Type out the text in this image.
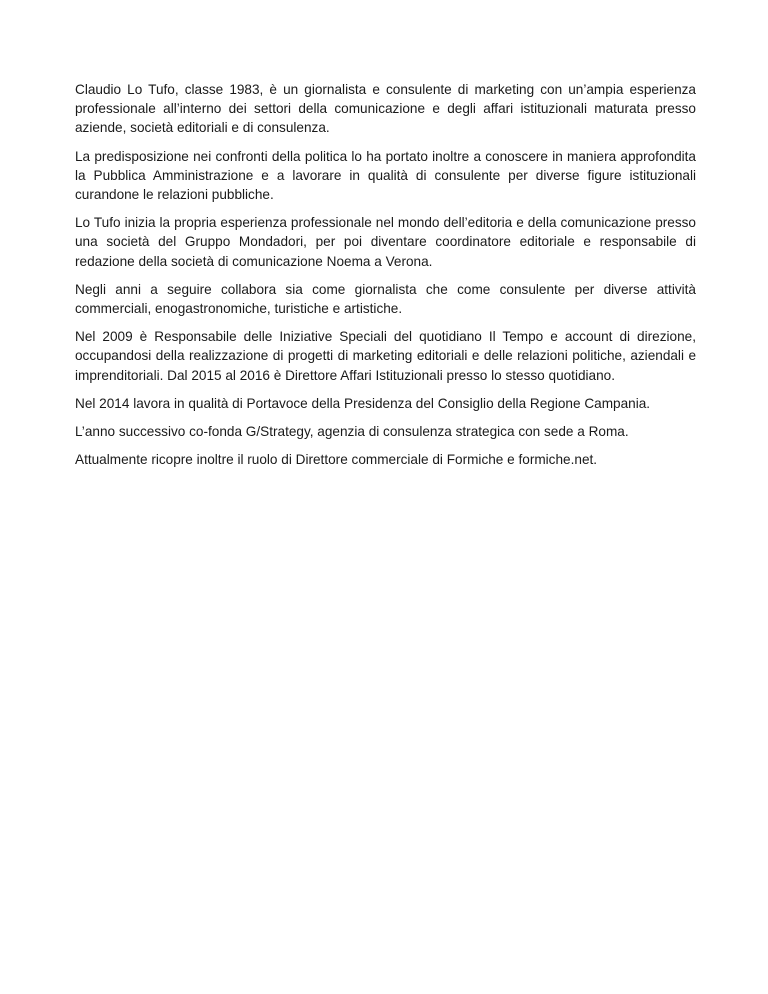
Claudio Lo Tufo, classe 1983, è un giornalista e consulente di marketing con un’ampia esperienza professionale all’interno dei settori della comunicazione e degli affari istituzionali maturata presso aziende, società editoriali e di consulenza.

La predisposizione nei confronti della politica lo ha portato inoltre a conoscere in maniera approfondita la Pubblica Amministrazione e a lavorare in qualità di consulente per diverse figure istituzionali curandone le relazioni pubbliche.

Lo Tufo inizia la propria esperienza professionale nel mondo dell’editoria e della comunicazione presso una società del Gruppo Mondadori, per poi diventare coordinatore editoriale e responsabile di redazione della società di comunicazione Noema a Verona.

Negli anni a seguire collabora sia come giornalista che come consulente per diverse attività commerciali, enogastronomiche, turistiche e artistiche.

Nel 2009 è Responsabile delle Iniziative Speciali del quotidiano Il Tempo e account di direzione, occupandosi della realizzazione di progetti di marketing editoriali e delle relazioni politiche, aziendali e imprenditoriali. Dal 2015 al 2016 è Direttore Affari Istituzionali presso lo stesso quotidiano.

Nel 2014 lavora in qualità di Portavoce della Presidenza del Consiglio della Regione Campania.

L’anno successivo co-fonda G/Strategy, agenzia di consulenza strategica con sede a Roma.

Attualmente ricopre inoltre il ruolo di Direttore commerciale di Formiche e formiche.net.
